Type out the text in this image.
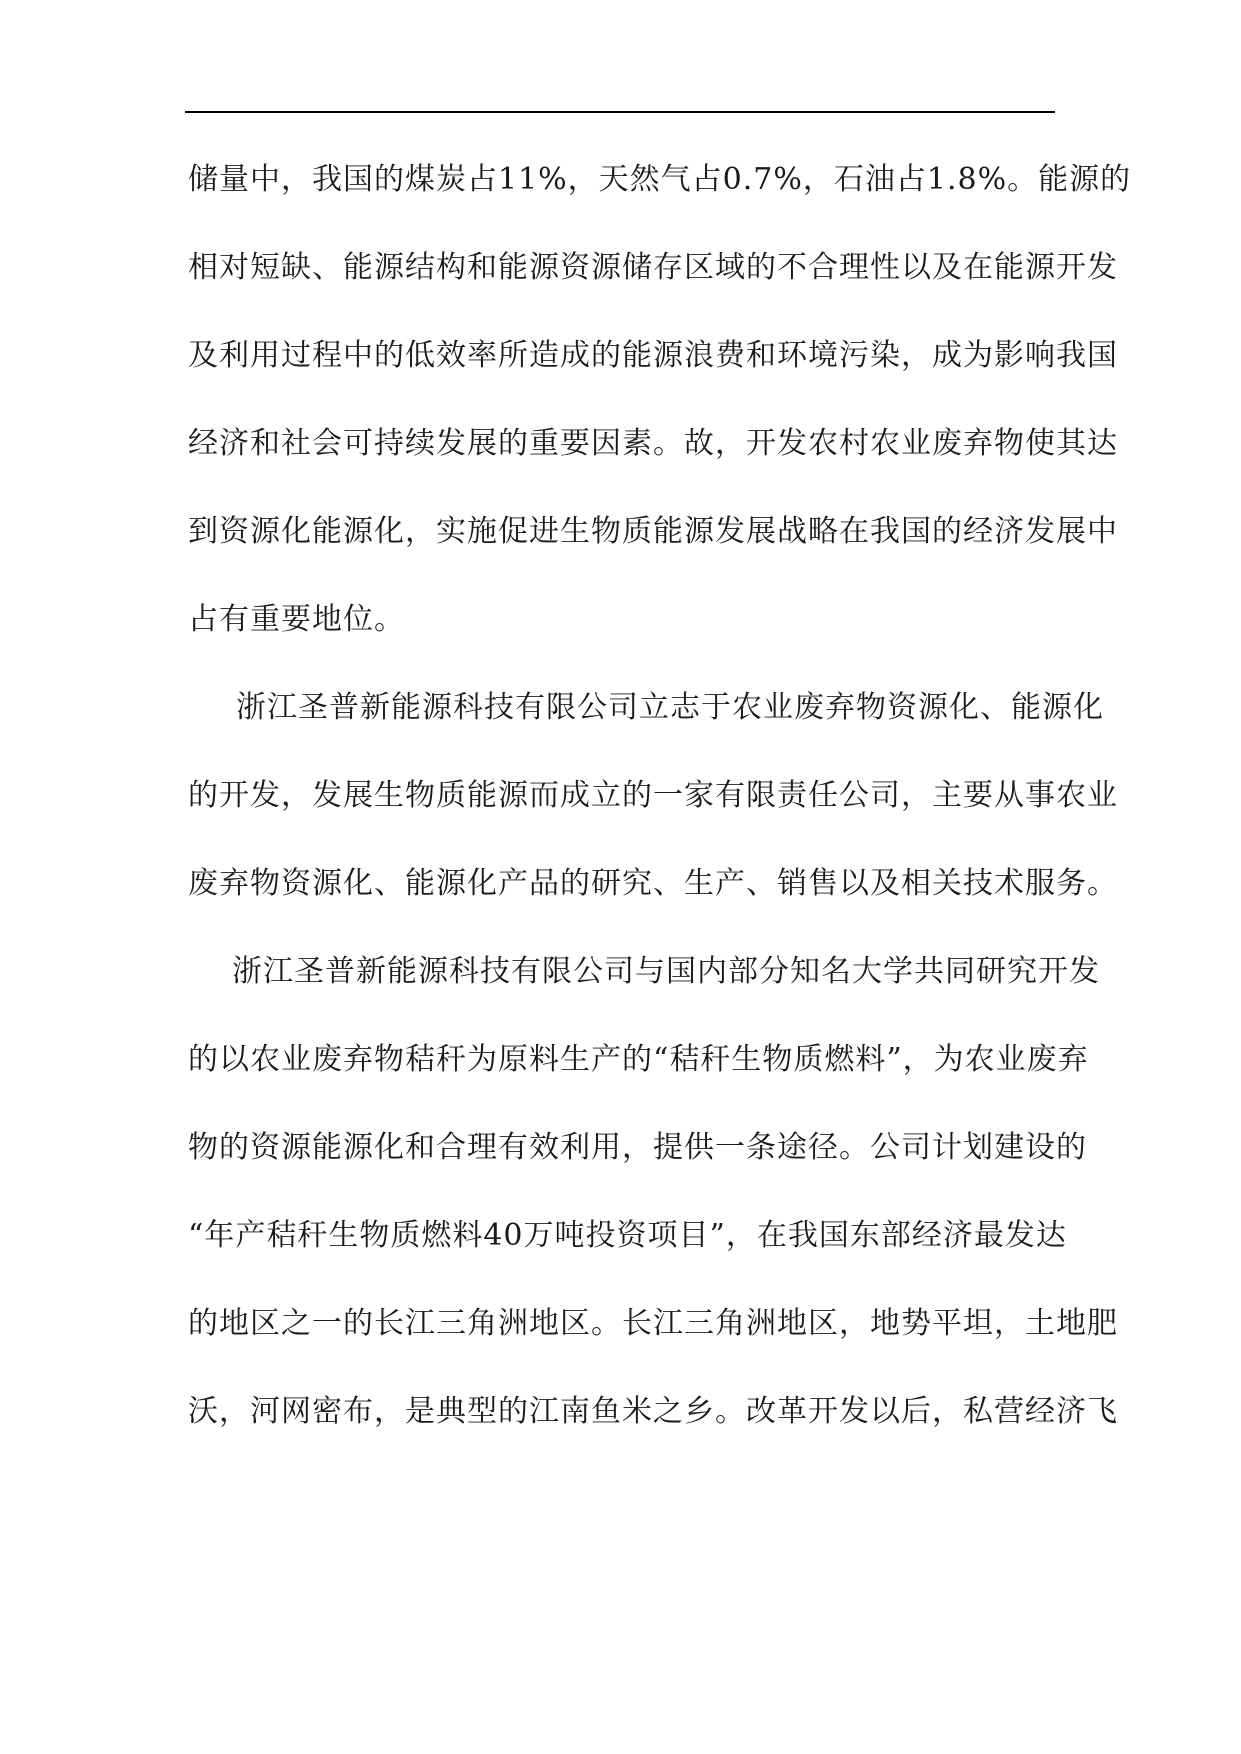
储量中，我国的煤炭占11%，天然气占0.7%，石油占1.8%。能源的
相对短缺、能源结构和能源资源储存区域的不合理性以及在能源开发
及利用过程中的低效率所造成的能源浪费和环境污染，成为影响我国
经济和社会可持续发展的重要因素。故，开发农村农业废弃物使其达
到资源化能源化，实施促进生物质能源发展战略在我国的经济发展中
占有重要地位。
浙江圣普新能源科技有限公司立志于农业废弃物资源化、能源化
的开发，发展生物质能源而成立的一家有限责任公司，主要从事农业
废弃物资源化、能源化产品的研究、生产、销售以及相关技术服务。
浙江圣普新能源科技有限公司与国内部分知名大学共同研究开发
的以农业废弃物秸秆为原料生产的“秸秆生物质燃料”，为农业废弃
物的资源能源化和合理有效利用，提供一条途径。公司计划建设的
“年产秸秆生物质燃料40万吨投资项目”，在我国东部经济最发达
的地区之一的长江三角洲地区。长江三角洲地区，地势平坦，土地肥
沃，河网密布，是典型的江南鱼米之乡。改革开发以后，私营经济飞
